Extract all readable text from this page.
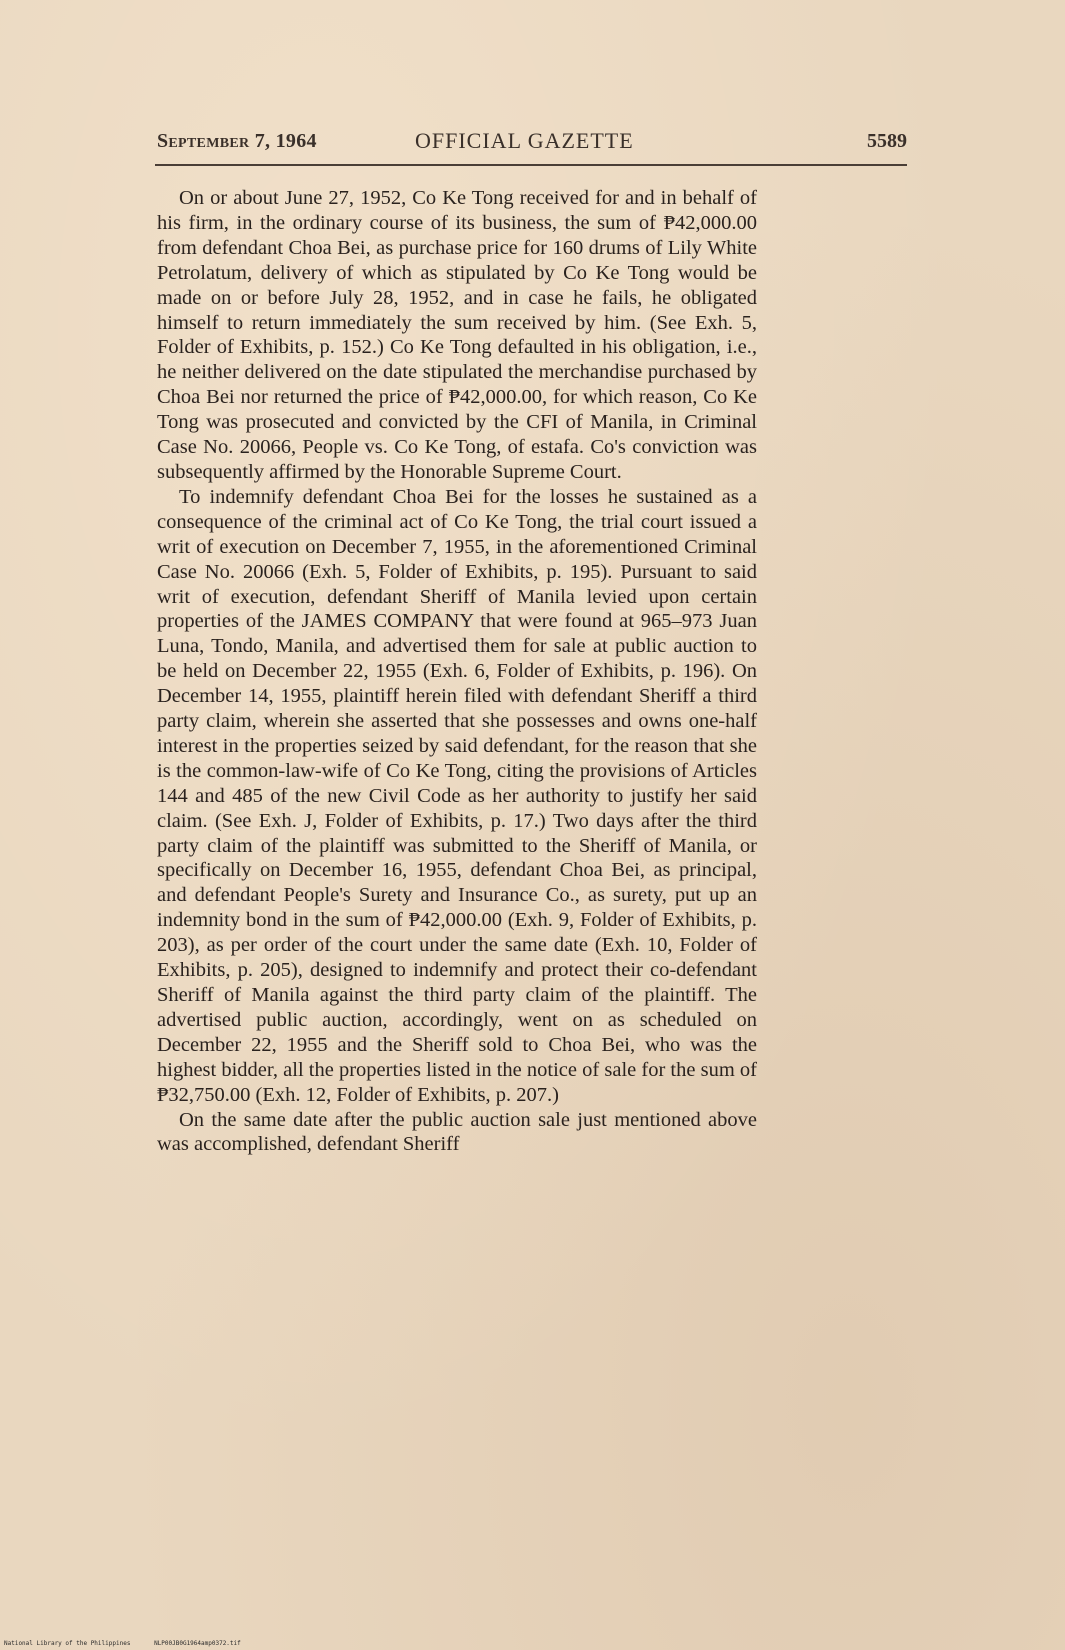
September 7, 1964	OFFICIAL GAZETTE	5589

On or about June 27, 1952, Co Ke Tong received for and in behalf of his firm, in the ordinary course of its business, the sum of ₱42,000.00 from defendant Choa Bei, as purchase price for 160 drums of Lily White Petrolatum, delivery of which as stipulated by Co Ke Tong would be made on or before July 28, 1952, and in case he fails, he obligated himself to return immediately the sum received by him. (See Exh. 5, Folder of Exhibits, p. 152.) Co Ke Tong defaulted in his obligation, i.e., he neither delivered on the date stipulated the merchandise purchased by Choa Bei nor returned the price of ₱42,000.00, for which reason, Co Ke Tong was prosecuted and convicted by the CFI of Manila, in Criminal Case No. 20066, People vs. Co Ke Tong, of estafa. Co's conviction was subsequently affirmed by the Honorable Supreme Court.

To indemnify defendant Choa Bei for the losses he sustained as a consequence of the criminal act of Co Ke Tong, the trial court issued a writ of execution on December 7, 1955, in the aforementioned Criminal Case No. 20066 (Exh. 5, Folder of Exhibits, p. 195). Pursuant to said writ of execution, defendant Sheriff of Manila levied upon certain properties of the JAMES COMPANY that were found at 965–973 Juan Luna, Tondo, Manila, and advertised them for sale at public auction to be held on December 22, 1955 (Exh. 6, Folder of Exhibits, p. 196). On December 14, 1955, plaintiff herein filed with defendant Sheriff a third party claim, wherein she asserted that she possesses and owns one-half interest in the properties seized by said defendant, for the reason that she is the common-law-wife of Co Ke Tong, citing the provisions of Articles 144 and 485 of the new Civil Code as her authority to justify her said claim. (See Exh. J, Folder of Exhibits, p. 17.) Two days after the third party claim of the plaintiff was submitted to the Sheriff of Manila, or specifically on December 16, 1955, defendant Choa Bei, as principal, and defendant People's Surety and Insurance Co., as surety, put up an indemnity bond in the sum of ₱42,000.00 (Exh. 9, Folder of Exhibits, p. 203), as per order of the court under the same date (Exh. 10, Folder of Exhibits, p. 205), designed to indemnify and protect their co-defendant Sheriff of Manila against the third party claim of the plaintiff. The advertised public auction, accordingly, went on as scheduled on December 22, 1955 and the Sheriff sold to Choa Bei, who was the highest bidder, all the properties listed in the notice of sale for the sum of ₱32,750.00 (Exh. 12, Folder of Exhibits, p. 207.)

On the same date after the public auction sale just mentioned above was accomplished, defendant Sheriff

National Library of the Philippines	NLP00JB0G1964amp0372.tif
